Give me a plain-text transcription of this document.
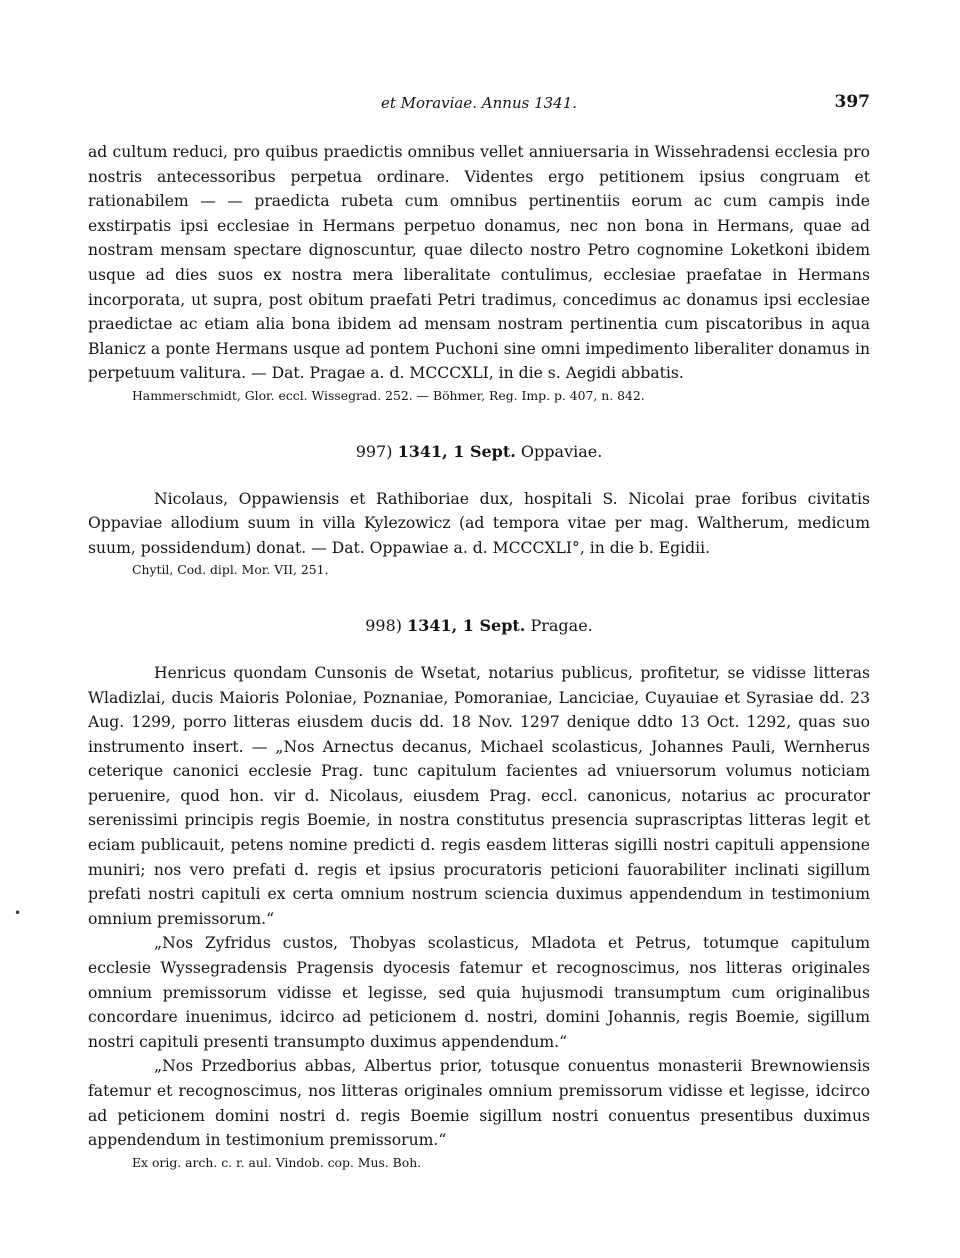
et Moraviae. Annus 1341.	397
•

ad cultum reduci, pro quibus praedictis omnibus vellet anniuersaria in Wissehradensi ecclesia pro nostris antecessoribus perpetua ordinare. Videntes ergo petitionem ipsius congruam et rationabilem — — praedicta rubeta cum omnibus pertinentiis eorum ac cum campis inde exstirpatis ipsi ecclesiae in Hermans perpetuo donamus, nec non bona in Hermans, quae ad nostram mensam spectare dignoscuntur, quae dilecto nostro Petro cognomine Loketkoni ibidem usque ad dies suos ex nostra mera liberalitate contulimus, ecclesiae praefatae in Hermans incorporata, ut supra, post obitum praefati Petri tradimus, concedimus ac donamus ipsi ecclesiae praedictae ac etiam alia bona ibidem ad mensam nostram pertinentia cum piscatoribus in aqua Blanicz a ponte Hermans usque ad pontem Puchoni sine omni impedimento liberaliter donamus in perpetuum valitura. — Dat. Pragae a. d. MCCCXLI, in die s. Aegidi abbatis.

Hammerschmidt, Glor. eccl. Wissegrad. 252. — Böhmer, Reg. Imp. p. 407, n. 842.

997) 1341, 1 Sept. Oppaviae.

Nicolaus, Oppawiensis et Rathiboriae dux, hospitali S. Nicolai prae foribus civitatis Oppaviae allodium suum in villa Kylezowicz (ad tempora vitae per mag. Waltherum, medicum suum, possidendum) donat. — Dat. Oppawiae a. d. MCCCXLI°, in die b. Egidii.

Chytil, Cod. dipl. Mor. VII, 251.

998) 1341, 1 Sept. Pragae.

Henricus quondam Cunsonis de Wsetat, notarius publicus, profitetur, se vidisse litteras Wladizlai, ducis Maioris Poloniae, Poznaniae, Pomoraniae, Lanciciae, Cuyauiae et Syrasiae dd. 23 Aug. 1299, porro litteras eiusdem ducis dd. 18 Nov. 1297 denique ddto 13 Oct. 1292, quas suo instrumento insert. — „Nos Arnectus decanus, Michael scolasticus, Johannes Pauli, Wernherus ceterique canonici ecclesie Prag. tunc capitulum facientes ad vniuersorum volumus noticiam peruenire, quod hon. vir d. Nicolaus, eiusdem Prag. eccl. canonicus, notarius ac procurator serenissimi principis regis Boemie, in nostra constitutus presencia suprascriptas litteras legit et eciam publicauit, petens nomine predicti d. regis easdem litteras sigilli nostri capituli appensione muniri; nos vero prefati d. regis et ipsius procuratoris peticioni fauorabiliter inclinati sigillum prefati nostri capituli ex certa omnium nostrum sciencia duximus appendendum in testimonium omnium premissorum.“

„Nos Zyfridus custos, Thobyas scolasticus, Mladota et Petrus, totumque capitulum ecclesie Wyssegradensis Pragensis dyocesis fatemur et recognoscimus, nos litteras originales omnium premissorum vidisse et legisse, sed quia hujusmodi transumptum cum originalibus concordare inuenimus, idcirco ad peticionem d. nostri, domini Johannis, regis Boemie, sigillum nostri capituli presenti transumpto duximus appendendum.“

„Nos Przedborius abbas, Albertus prior, totusque conuentus monasterii Brewnowiensis fatemur et recognoscimus, nos litteras originales omnium premissorum vidisse et legisse, idcirco ad peticionem domini nostri d. regis Boemie sigillum nostri conuentus presentibus duximus appendendum in testimonium premissorum.“

Ex orig. arch. c. r. aul. Vindob. cop. Mus. Boh.
